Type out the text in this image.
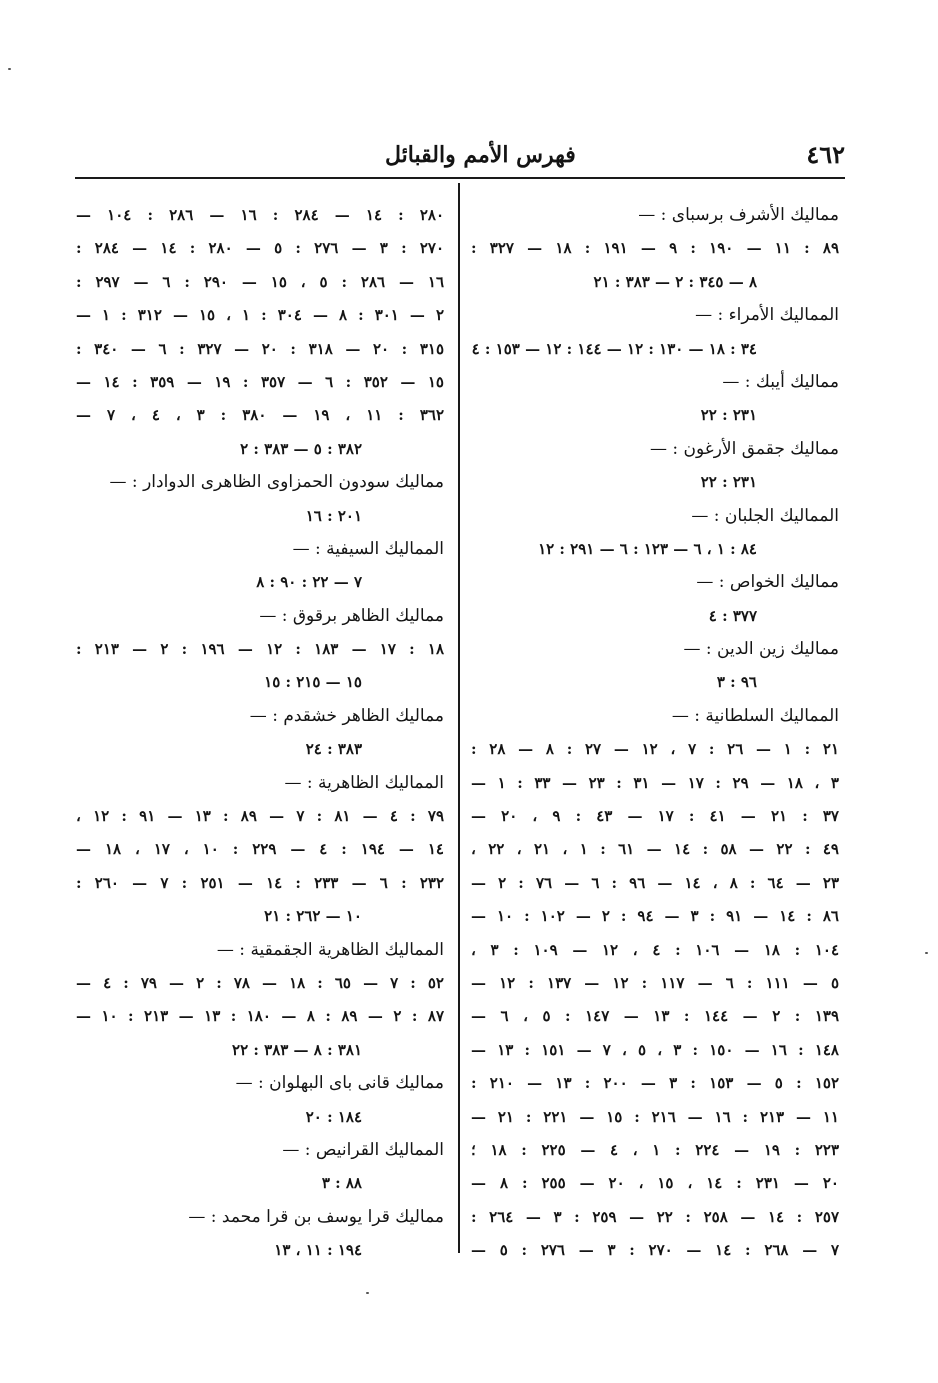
٤٦٢
فهرس الأمم والقبائل
مماليك الأشرف برسباى : —
٨٩ : ١١ — ١٩٠ : ٩ — ١٩١ : ١٨ — ٣٢٧ :
٨ — ٣٤٥ : ٢ — ٣٨٣ : ٢١
المماليك الأمراء : —
٣٤ : ١٨ — ١٣٠ : ١٢ — ١٤٤ : ١٢ — ١٥٣ : ٤
مماليك أيبك : —
٢٣١ : ٢٢
مماليك جقمق الأرغون : —
٢٣١ : ٢٢
المماليك الجلبان : —
٨٤ : ١ ، ٦ — ١٢٣ : ٦ — ٢٩١ : ١٢
مماليك الخواص : —
٣٧٧ : ٤
مماليك زين الدين : —
٩٦ : ٣
المماليك السلطانية : —
٢١ : ١ — ٢٦ : ٧ ، ١٢ — ٢٧ : ٨ — ٢٨ :
٣ ، ١٨ — ٢٩ : ١٧ — ٣١ : ٢٣ — ٣٣ : ١ —
٣٧ : ٢١ — ٤١ : ١٧ — ٤٣ : ٩ ، ٢٠ —
٤٩ : ٢٢ — ٥٨ : ١٤ — ٦١ : ١ ، ٢١ ، ٢٢ ،
٢٣ — ٦٤ : ٨ ، ١٤ — ٩٦ : ٦ — ٧٦ : ٢ —
٨٦ : ١٤ — ٩١ : ٣ — ٩٤ : ٢ — ١٠٢ : ١٠ —
١٠٤ : ١٨ — ١٠٦ : ٤ ، ١٢ — ١٠٩ : ٣ ،
٥ — ١١١ : ٦ — ١١٧ : ١٢ — ١٣٧ : ١٢ —
١٣٩ : ٢ — ١٤٤ : ١٣ — ١٤٧ : ٥ ، ٦ —
١٤٨ : ١٦ — ١٥٠ : ٣ ، ٥ ، ٧ — ١٥١ : ١٣ —
١٥٢ : ٥ — ١٥٣ : ٣ — ٢٠٠ : ١٣ — ٢١٠ :
١١ — ٢١٣ : ١٦ — ٢١٦ : ١٥ — ٢٢١ : ٢١ —
٢٢٣ : ١٩ — ٢٢٤ : ١ ، ٤ — ٢٢٥ : ١٨ ؛
٢٠ — ٢٣١ : ١٤ ، ١٥ ، ٢٠ — ٢٥٥ : ٨ —
٢٥٧ : ١٤ — ٢٥٨ : ٢٢ — ٢٥٩ : ٣ — ٢٦٤ :
٧ — ٢٦٨ : ١٤ — ٢٧٠ : ٣ — ٢٧٦ : ٥ —
٢٨٠ : ١٤ — ٢٨٤ : ١٦ — ٢٨٦ : ١٠٤ —
٢٧٠ : ٣ — ٢٧٦ : ٥ — ٢٨٠ : ١٤ — ٢٨٤ :
١٦ — ٢٨٦ : ٥ ، ١٥ — ٢٩٠ : ٦ — ٢٩٧ :
٢ — ٣٠١ : ٨ — ٣٠٤ : ١ ، ١٥ — ٣١٢ : ١ —
٣١٥ : ٢٠ — ٣١٨ : ٢٠ — ٣٢٧ : ٦ — ٣٤٠ :
١٥ — ٣٥٢ : ٦ — ٣٥٧ : ١٩ — ٣٥٩ : ١٤ —
٣٦٢ : ١١ ، ١٩ — ٣٨٠ : ٣ ، ٤ ، ٧ —
٣٨٢ : ٥ — ٣٨٣ : ٢
مماليك سودون الحمزاوى الظاهرى الدوادار : —
٢٠١ : ١٦
المماليك السيفية : —
٧ — ٢٢ : ٩٠ : ٨
مماليك الظاهر برقوق : —
١٨ : ١٧ — ١٨٣ : ١٢ — ١٩٦ : ٢ — ٢١٣ :
١٥ — ٢١٥ : ١٥
مماليك الظاهر خشقدم : —
٣٨٣ : ٢٤
المماليك الظاهرية : —
٧٩ : ٤ — ٨١ : ٧ — ٨٩ : ١٣ — ٩١ : ١٢ ،
١٤ — ١٩٤ : ٤ — ٢٢٩ : ١٠ ، ١٧ ، ١٨ —
٢٣٢ : ٦ — ٢٣٣ : ١٤ — ٢٥١ : ٧ — ٢٦٠ :
١٠ — ٢٦٢ : ٢١
المماليك الظاهرية الجقمقية : —
٥٢ : ٧ — ٦٥ : ١٨ — ٧٨ : ٢ — ٧٩ : ٤ —
٨٧ : ٢ — ٨٩ : ٨ — ١٨٠ : ١٣ — ٢١٣ : ١٠ —
٣٨١ : ٨ — ٣٨٣ : ٢٢
مماليك قانى باى البهلوان : —
١٨٤ : ٢٠
المماليك القرانيص : —
٨٨ : ٣
مماليك قرا يوسف بن قرا محمد : —
١٩٤ : ١١ ، ١٣
